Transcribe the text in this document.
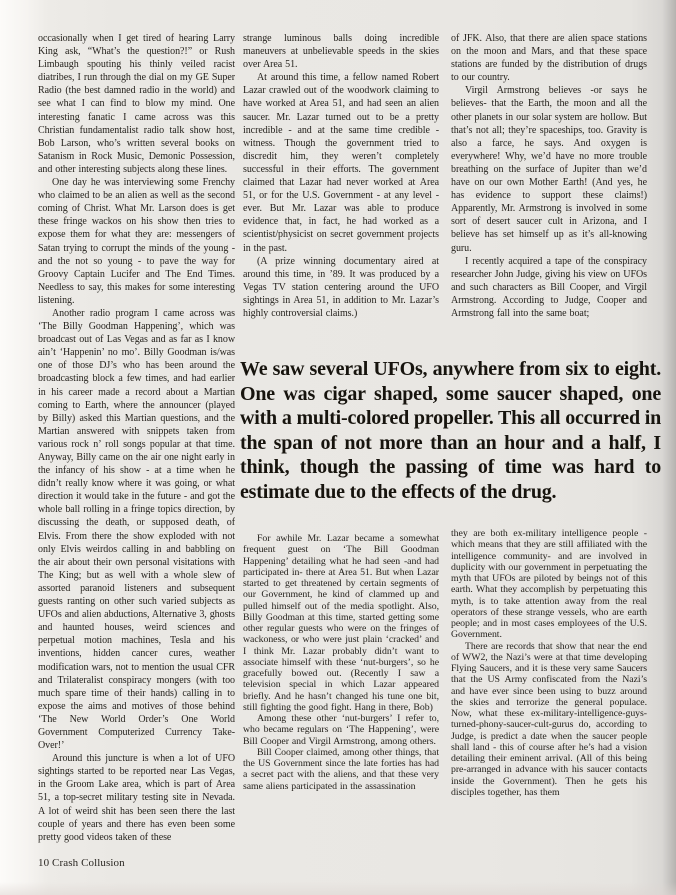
occasionally when I get tired of hearing Larry King ask, “What’s the question?!” or Rush Limbaugh spouting his thinly veiled racist diatribes, I run through the dial on my GE Super Radio (the best damned radio in the world) and see what I can find to blow my mind. One interesting fanatic I came across was this Christian fundamentalist radio talk show host, Bob Larson, who’s written several books on Satanism in Rock Music, Demonic Possession, and other interesting subjects along these lines.

One day he was interviewing some Frenchy who claimed to be an alien as well as the second coming of Christ. What Mr. Larson does is get these fringe wackos on his show then tries to expose them for what they are: messengers of Satan trying to corrupt the minds of the young - and the not so young - to pave the way for Groovy Captain Lucifer and The End Times. Needless to say, this makes for some interesting listening.

Another radio program I came across was ‘The Billy Goodman Happening’, which was broadcast out of Las Vegas and as far as I know ain’t ‘Happenin’ no mo’. Billy Goodman is/was one of those DJ’s who has been around the broadcasting block a few times, and had earlier in his career made a record about a Martian coming to Earth, where the announcer (played by Billy) asked this Martian questions, and the Martian answered with snippets taken from various rock n’ roll songs popular at that time. Anyway, Billy came on the air one night early in the infancy of his show - at a time when he didn’t really know where it was going, or what direction it would take in the future - and got the whole ball rolling in a fringe topics direction, by discussing the death, or supposed death, of Elvis. From there the show exploded with not only Elvis weirdos calling in and babbling on the air about their own personal visitations with The King; but as well with a whole slew of assorted paranoid listeners and subsequent guests ranting on other such varied subjects as UFOs and alien abductions, Alternative 3, ghosts and haunted houses, weird sciences and perpetual motion machines, Tesla and his inventions, hidden cancer cures, weather modification wars, not to mention the usual CFR and Trilateralist conspiracy mongers (with too much spare time of their hands) calling in to expose the aims and motives of those behind ‘The New World Order’s One World Government Computerized Currency Take-Over!’

Around this juncture is when a lot of UFO sightings started to be reported near Las Vegas, in the Groom Lake area, which is part of Area 51, a top-secret military testing site in Nevada. A lot of weird shit has been seen there the last couple of years and there has even been some pretty good videos taken of these

strange luminous balls doing incredible maneuvers at unbelievable speeds in the skies over Area 51.

At around this time, a fellow named Robert Lazar crawled out of the woodwork claiming to have worked at Area 51, and had seen an alien saucer. Mr. Lazar turned out to be a pretty incredible - and at the same time credible - witness. Though the government tried to discredit him, they weren’t completely successful in their efforts. The government claimed that Lazar had never worked at Area 51, or for the U.S. Government - at any level - ever. But Mr. Lazar was able to produce evidence that, in fact, he had worked as a scientist/physicist on secret government projects in the past.

(A prize winning documentary aired at around this time, in ’89. It was produced by a Vegas TV station centering around the UFO sightings in Area 51, in addition to Mr. Lazar’s highly controversial claims.)

of JFK. Also, that there are alien space stations on the moon and Mars, and that these space stations are funded by the distribution of drugs to our country.

Virgil Armstrong believes -or says he believes- that the Earth, the moon and all the other planets in our solar system are hollow. But that’s not all; they’re spaceships, too. Gravity is also a farce, he says. And oxygen is everywhere! Why, we’d have no more trouble breathing on the surface of Jupiter than we’d have on our own Mother Earth! (And yes, he has evidence to support these claims!) Apparently, Mr. Armstrong is involved in some sort of desert saucer cult in Arizona, and I believe has set himself up as it’s all-knowing guru.

I recently acquired a tape of the conspiracy researcher John Judge, giving his view on UFOs and such characters as Bill Cooper, and Virgil Armstrong. According to Judge, Cooper and Armstrong fall into the same boat;

We saw several UFOs, anywhere from six to eight. One was cigar shaped, some saucer shaped, one with a multi-colored propeller. This all occurred in the span of not more than an hour and a half, I think, though the passing of time was hard to estimate due to the effects of the drug.

For awhile Mr. Lazar became a somewhat frequent guest on ‘The Bill Goodman Happening’ detailing what he had seen -and had participated in- there at Area 51. But when Lazar started to get threatened by certain segments of our Government, he kind of clammed up and pulled himself out of the media spotlight. Also, Billy Goodman at this time, started getting some other regular guests who were on the fringes of wackoness, or who were just plain ‘cracked’ and I think Mr. Lazar probably didn’t want to associate himself with these ‘nut-burgers’, so he gracefully bowed out. (Recently I saw a television special in which Lazar appeared briefly. And he hasn’t changed his tune one bit, still fighting the good fight. Hang in there, Bob)

Among these other ‘nut-burgers’ I refer to, who became regulars on ‘The Happening’, were Bill Cooper and Virgil Armstrong, among others.

Bill Cooper claimed, among other things, that the US Government since the late forties has had a secret pact with the aliens, and that these very same aliens participated in the assassination

they are both ex-military intelligence people -which means that they are still affiliated with the intelligence community- and are involved in duplicity with our government in perpetuating the myth that UFOs are piloted by beings not of this earth. What they accomplish by perpetuating this myth, is to take attention away from the real operators of these strange vessels, who are earth people; and in most cases employees of the U.S. Government.

There are records that show that near the end of WW2, the Nazi’s were at that time developing Flying Saucers, and it is these very same Saucers that the US Army confiscated from the Nazi’s and have ever since been using to buzz around the skies and terrorize the general populace. Now, what these ex-military-intelligence-guys-turned-phony-saucer-cult-gurus do, according to Judge, is predict a date when the saucer people shall land - this of course after he’s had a vision detailing their eminent arrival. (All of this being pre-arranged in advance with his saucer contacts inside the Government). Then he gets his disciples together, has them

10 Crash Collusion
